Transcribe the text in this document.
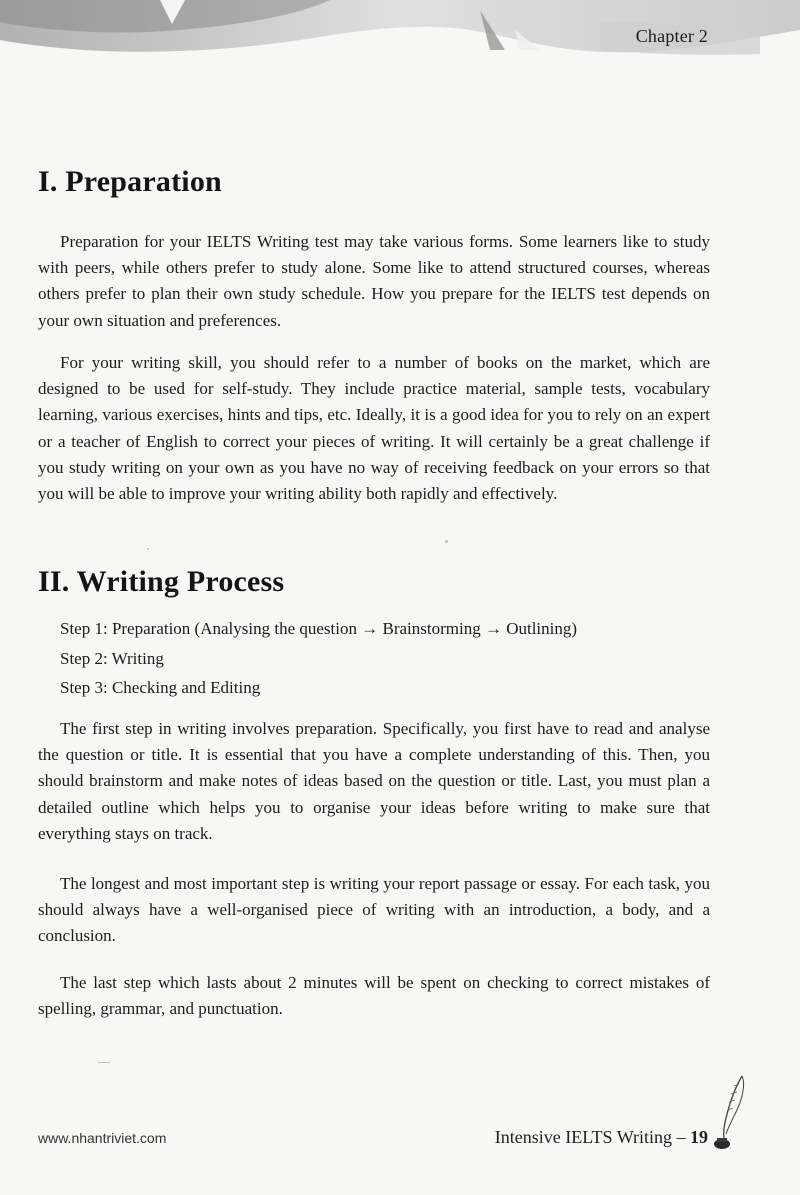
Chapter 2
I. Preparation

Preparation for your IELTS Writing test may take various forms. Some learners like to study with peers, while others prefer to study alone. Some like to attend structured courses, whereas others prefer to plan their own study schedule. How you prepare for the IELTS test depends on your own situation and preferences.

For your writing skill, you should refer to a number of books on the market, which are designed to be used for self-study. They include practice material, sample tests, vocabulary learning, various exercises, hints and tips, etc. Ideally, it is a good idea for you to rely on an expert or a teacher of English to correct your pieces of writing. It will certainly be a great challenge if you study writing on your own as you have no way of receiving feedback on your errors so that you will be able to improve your writing ability both rapidly and effectively.

II. Writing Process
Step 1: Preparation (Analysing the question → Brainstorming → Outlining)
Step 2: Writing
Step 3: Checking and Editing

The first step in writing involves preparation. Specifically, you first have to read and analyse the question or title. It is essential that you have a complete understanding of this. Then, you should brainstorm and make notes of ideas based on the question or title. Last, you must plan a detailed outline which helps you to organise your ideas before writing to make sure that everything stays on track.

The longest and most important step is writing your report passage or essay. For each task, you should always have a well-organised piece of writing with an introduction, a body, and a conclusion.

The last step which lasts about 2 minutes will be spent on checking to correct mistakes of spelling, grammar, and punctuation.

www.nhantriviet.com	Intensive IELTS Writing – 19
